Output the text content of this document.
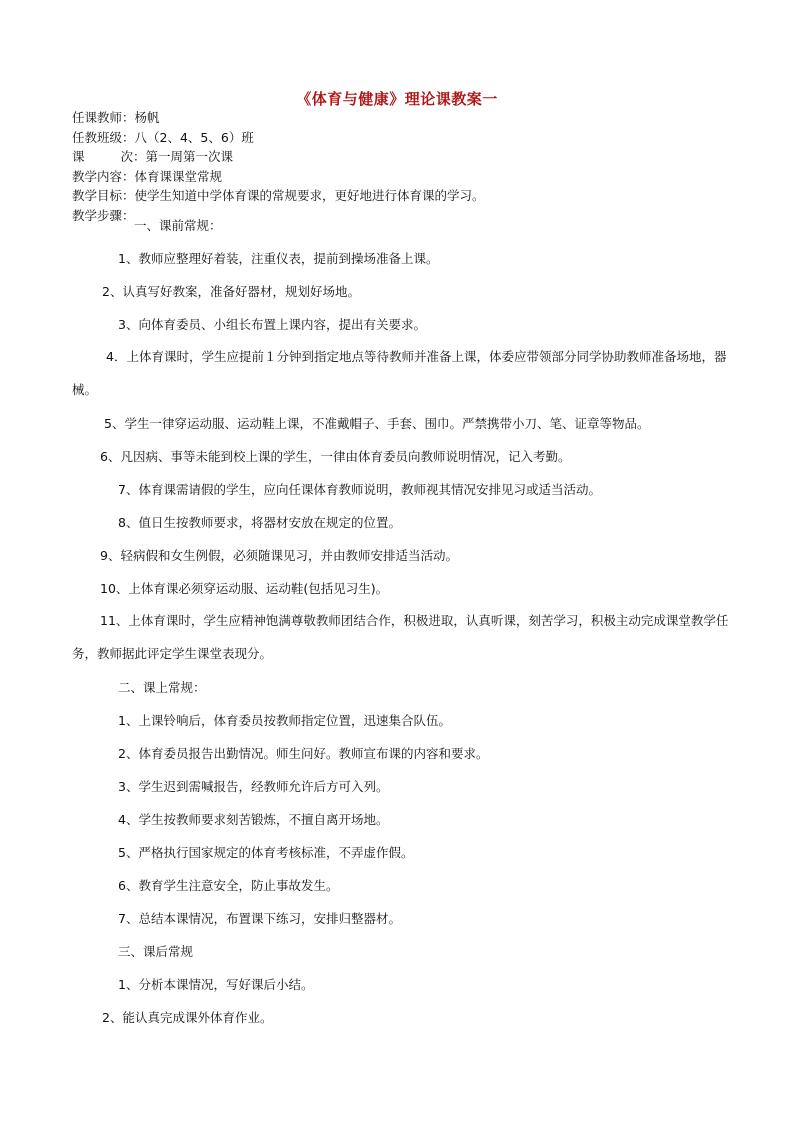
《体育与健康》理论课教案一
任课教师：杨帆
任教班级：八（2、4、5、6）班
课	次：第一周第一次课
教学内容：体育课课堂常规
教学目标：使学生知道中学体育课的常规要求，更好地进行体育课的学习。
教学步骤：
一、课前常规：
1、教师应整理好着装，注重仪表，提前到操场准备上课。
2、认真写好教案，准备好器材，规划好场地。
3、向体育委员、小组长布置上课内容，提出有关要求。
4．上体育课时，学生应提前１分钟到指定地点等待教师并准备上课，体委应带领部分同学协助教师准备场地，器械。
5、学生一律穿运动服、运动鞋上课，不准戴帽子、手套、围巾。严禁携带小刀、笔、证章等物品。
6、凡因病、事等未能到校上课的学生，一律由体育委员向教师说明情况，记入考勤。
7、体育课需请假的学生，应向任课体育教师说明，教师视其情况安排见习或适当活动。
8、值日生按教师要求，将器材安放在规定的位置。
9、轻病假和女生例假，必须随课见习，并由教师安排适当活动。
10、上体育课必须穿运动服、运动鞋(包括见习生)。
11、上体育课时，学生应精神饱满尊敬教师团结合作，积极进取，认真听课，刻苦学习，积极主动完成课堂教学任务，教师据此评定学生课堂表现分。
二、课上常规：
1、上课铃响后，体育委员按教师指定位置，迅速集合队伍。
2、体育委员报告出勤情况。师生问好。教师宣布课的内容和要求。
3、学生迟到需喊报告，经教师允许后方可入列。
4、学生按教师要求刻苦锻炼，不擅自离开场地。
5、严格执行国家规定的体育考核标准，不弄虚作假。
6、教育学生注意安全，防止事故发生。
7、总结本课情况，布置课下练习，安排归整器材。
三、课后常规
1、分析本课情况，写好课后小结。
2、能认真完成课外体育作业。
